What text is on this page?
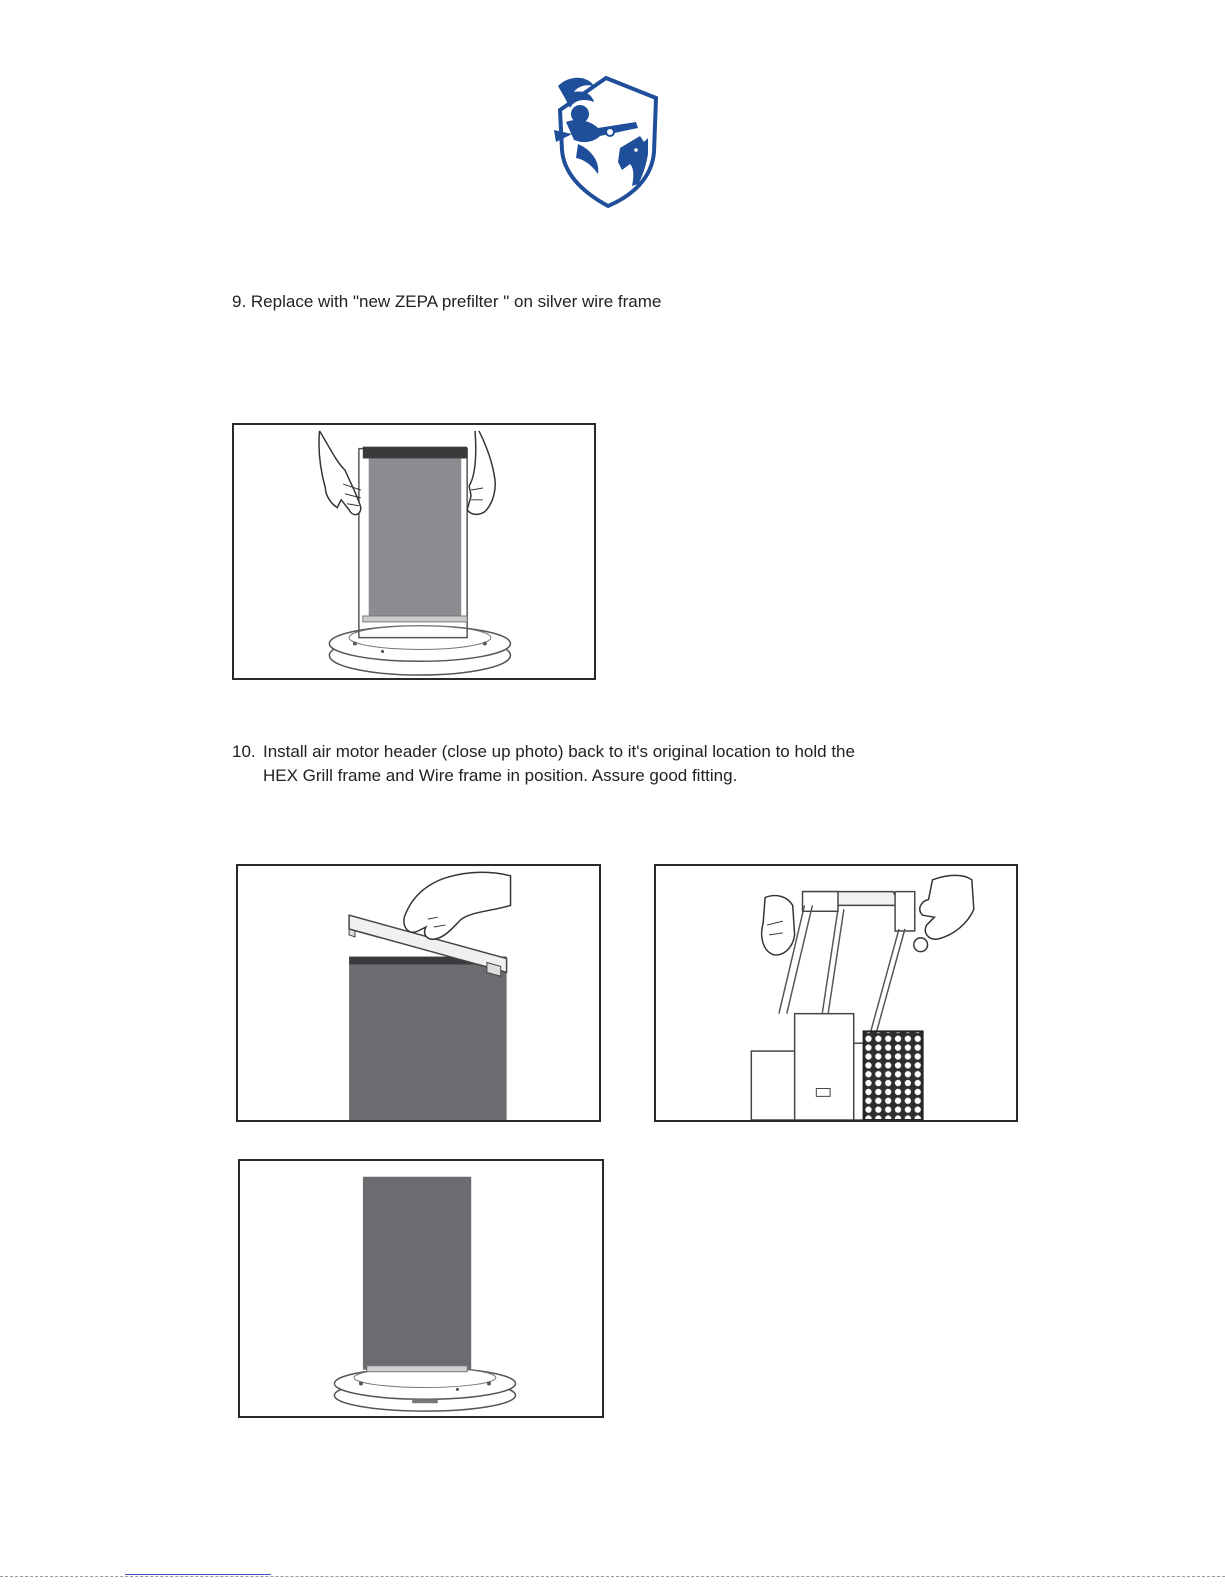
9. Replace with "new ZEPA prefilter " on silver wire frame
10. Install air motor header (close up photo) back to it's original location to hold the
HEX Grill frame and Wire frame in position. Assure good fitting.
